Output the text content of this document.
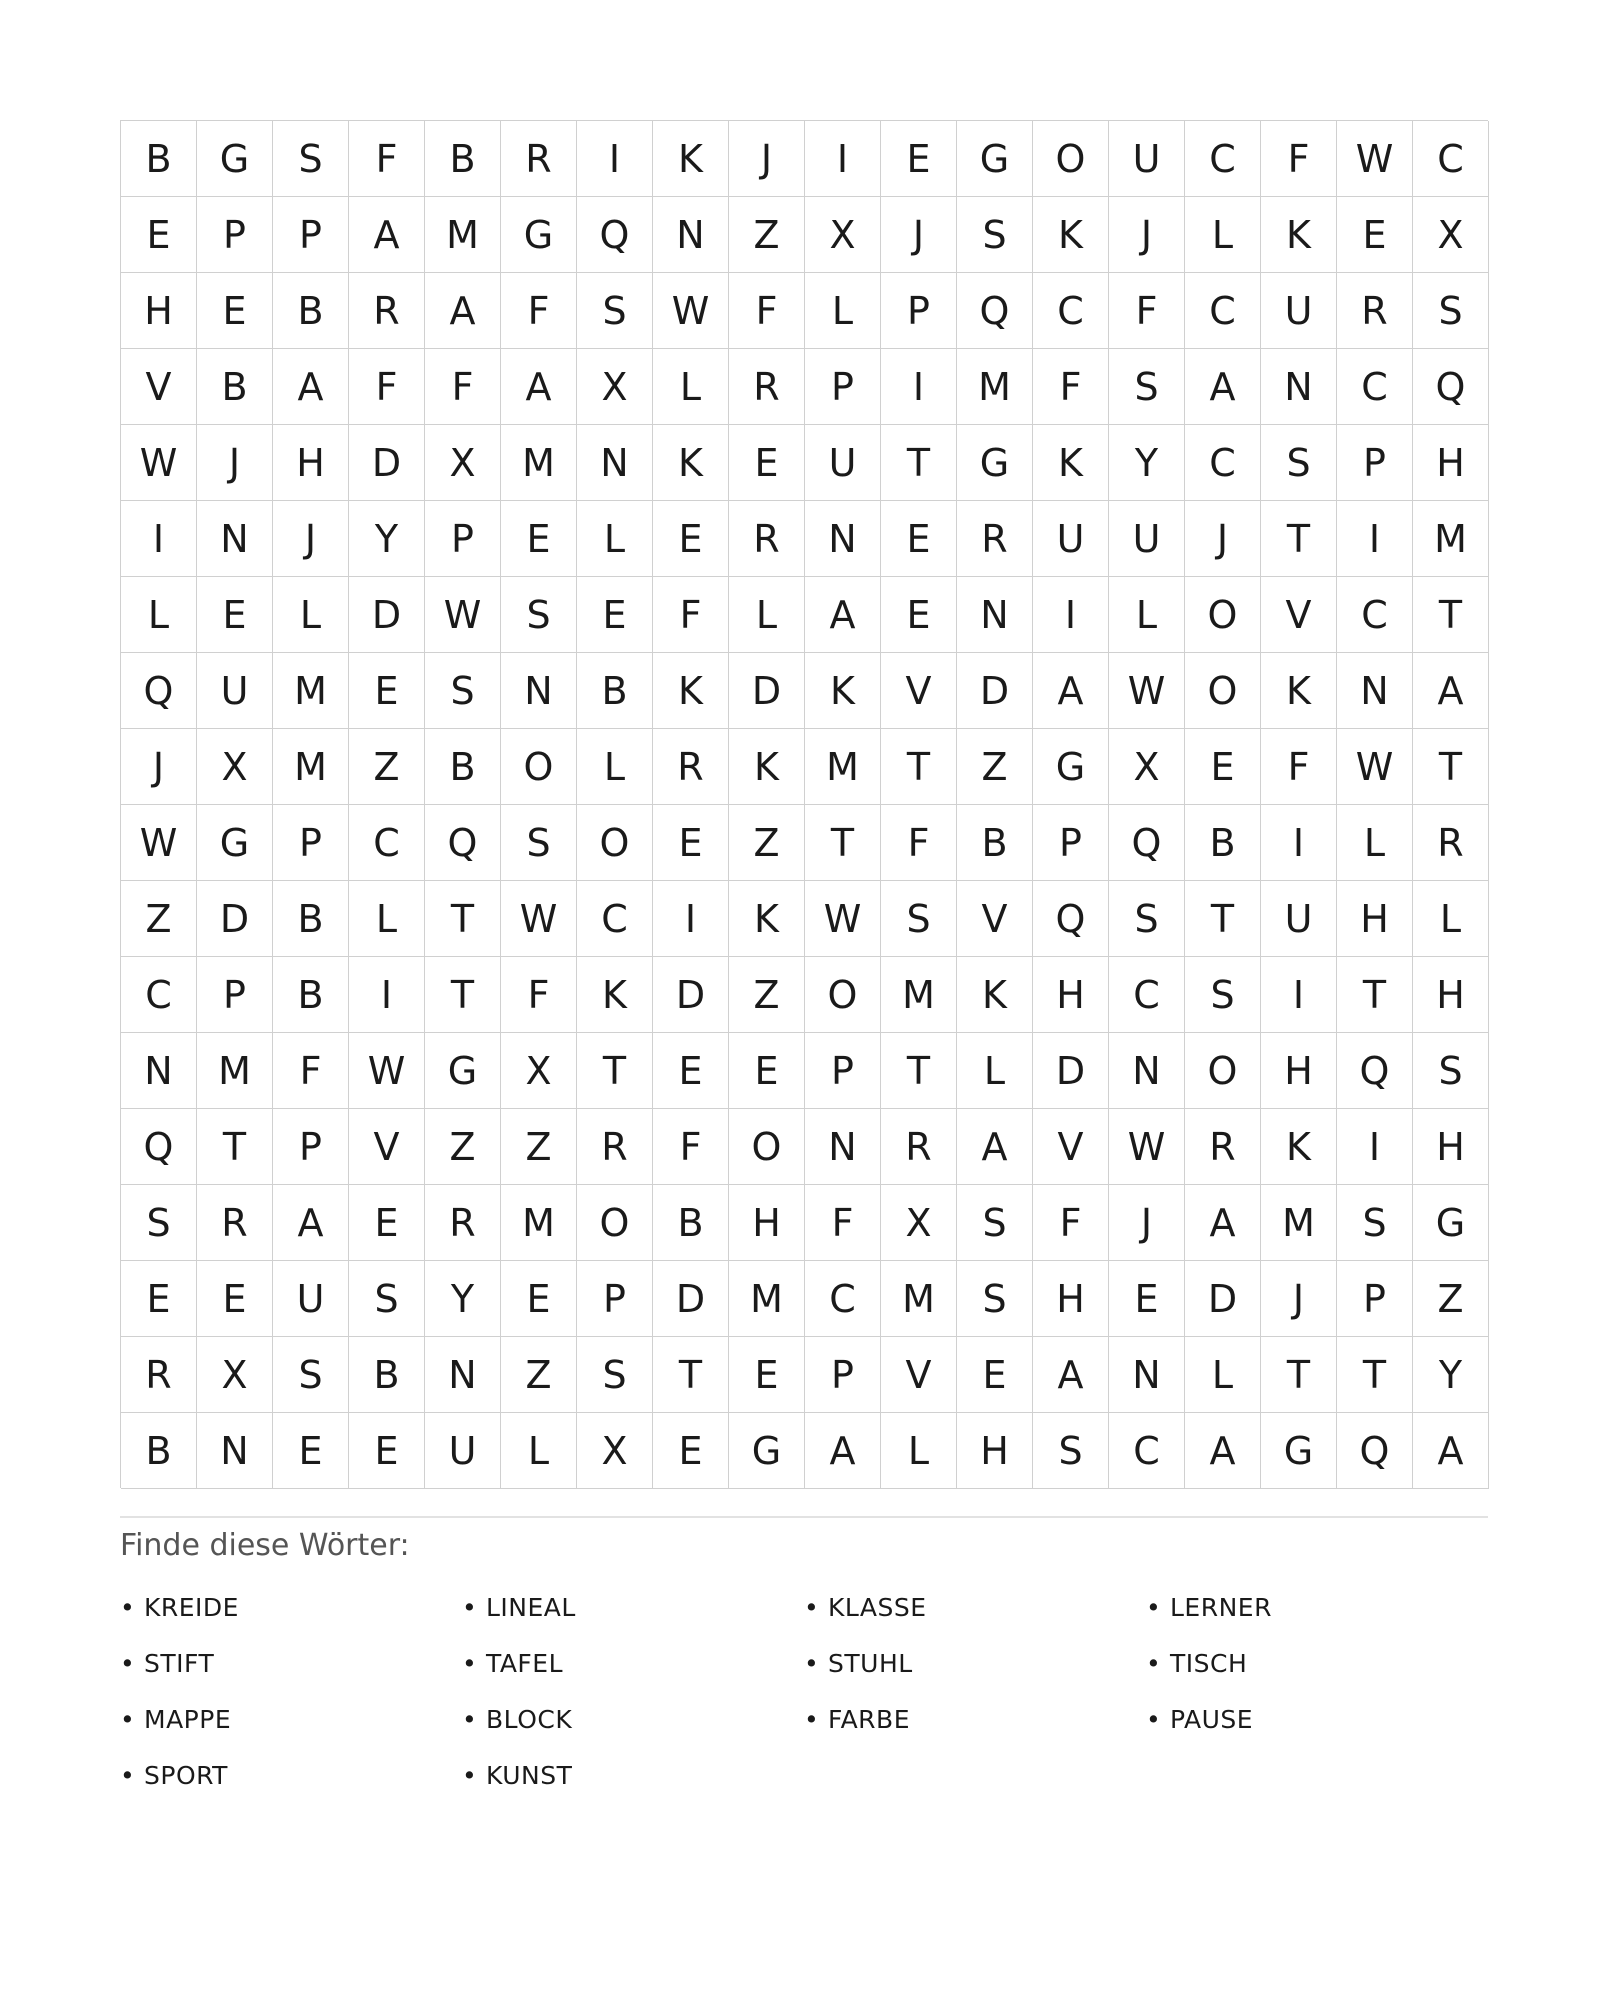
B	G	S	F	B	R	I	K	J	I	E	G	O	U	C	F	W	C
E	P	P	A	M	G	Q	N	Z	X	J	S	K	J	L	K	E	X
H	E	B	R	A	F	S	W	F	L	P	Q	C	F	C	U	R	S
V	B	A	F	F	A	X	L	R	P	I	M	F	S	A	N	C	Q
W	J	H	D	X	M	N	K	E	U	T	G	K	Y	C	S	P	H
I	N	J	Y	P	E	L	E	R	N	E	R	U	U	J	T	I	M
L	E	L	D	W	S	E	F	L	A	E	N	I	L	O	V	C	T
Q	U	M	E	S	N	B	K	D	K	V	D	A	W	O	K	N	A
J	X	M	Z	B	O	L	R	K	M	T	Z	G	X	E	F	W	T
W	G	P	C	Q	S	O	E	Z	T	F	B	P	Q	B	I	L	R
Z	D	B	L	T	W	C	I	K	W	S	V	Q	S	T	U	H	L
C	P	B	I	T	F	K	D	Z	O	M	K	H	C	S	I	T	H
N	M	F	W	G	X	T	E	E	P	T	L	D	N	O	H	Q	S
Q	T	P	V	Z	Z	R	F	O	N	R	A	V	W	R	K	I	H
S	R	A	E	R	M	O	B	H	F	X	S	F	J	A	M	S	G
E	E	U	S	Y	E	P	D	M	C	M	S	H	E	D	J	P	Z
R	X	S	B	N	Z	S	T	E	P	V	E	A	N	L	T	T	Y
B	N	E	E	U	L	X	E	G	A	L	H	S	C	A	G	Q	A
Finde diese Wörter:
• KREIDE	• LINEAL	• KLASSE	• LERNER
• STIFT	• TAFEL	• STUHL	• TISCH
• MAPPE	• BLOCK	• FARBE	• PAUSE
• SPORT	• KUNST
